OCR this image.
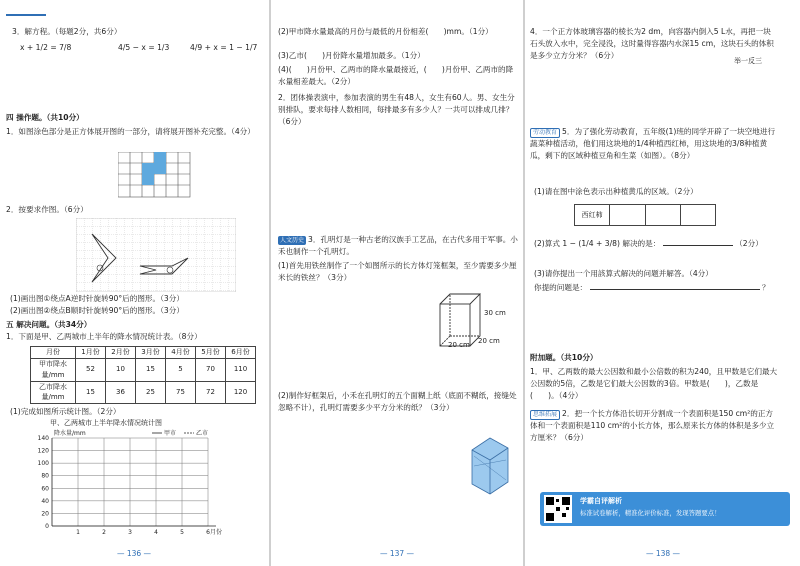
3．解方程。（每题2分，共6分）
x + 1/2 = 7/8	4/5 − x = 1/3	4/9 + x = 1 − 1/7
四 操作题。（共10分）
1．如图涂色部分是正方体展开图的一部分，请将展开图补充完整。（4分）
2．按要求作图。（6分）
(1)画出图①绕点A逆时针旋转90°后的图形。（3分）
(2)画出图②绕点B顺时针旋转90°后的图形。（3分）
五 解决问题。（共34分）
1．下面是甲、乙两城市上半年的降水情况统计表。（8分）
月份	1月份	2月份	3月份	4月份	5月份	6月份
甲市降水量/mm	52	10	15	5	70	110
乙市降水量/mm	15	36	25	75	72	120
(1)完成如图所示统计图。（2分）
甲、乙两城市上半年降水情况统计图
0
20
40
60
80
100
120
140
1	2	3	4	5	6
降水量/mm
月份
甲市	乙市
— 136 —
(2)甲市降水量最高的月份与最低的月份相差(　　)mm。（1分）
(3)乙市(　　)月份降水量增加最多。（1分）
(4)(　　)月份甲、乙两市的降水量最接近，(　　)月份甲、乙两市的降水量相差最大。（2分）
2．团体操表演中，参加表演的男生有48人，女生有60人。男、女生分别排队，要求每排人数相同，每排最多有多少人？一共可以排成几排？（6分）
人文历史 3．孔明灯是一种古老的汉族手工艺品，在古代多用于军事。小禾也制作一个孔明灯。
(1)首先用铁丝制作了一个如图所示的长方体灯笼框架，至少需要多少厘米长的铁丝？（3分）
30 cm
20 cm
20 cm
(2)制作好框架后，小禾在孔明灯的五个面糊上纸（底面不糊纸，接缝处忽略不计），孔明灯需要多少平方分米的纸？（3分）
— 137 —
4．一个正方体玻璃容器的棱长为2 dm，向容器内倒入5 L水，再把一块石头放入水中，完全浸没，这时量得容器内水深15 cm，这块石头的体积是多少立方分米？（6分）
举一反三
劳动教育 5．为了强化劳动教育，五年级(1)班的同学开辟了一块空地进行蔬菜种植活动，他们用这块地的1/4种植西红柿，用这块地的3/8种植黄瓜，剩下的区域种植豆角和生菜（如图）。（8分）
(1)请在图中涂色表示出种植黄瓜的区域。（2分）
西红柿
(2)算式 1 − (1/4 + 3/8) 解决的是：	（2分）
(3)请你提出一个用該算式解决的问题并解答。（4分）
你提的问题是：	？
附加题。（共10分）
1．甲、乙两数的最大公因数和最小公倍数的积为240，且甲数是它们最大公因数的5倍，乙数是它们最大公因数的3倍。甲数是(　　)，乙数是(　　)。（4分）
思维拓展 2．把一个长方体沿长切开分割成一个表面积是150 cm²的正方体和一个表面积是110 cm²的小长方体，那么原来长方体的体积是多少立方厘米？（6分）
学霸自评解析
标准试卷解析，精准化评价标准，发现答题要点！
— 138 —
